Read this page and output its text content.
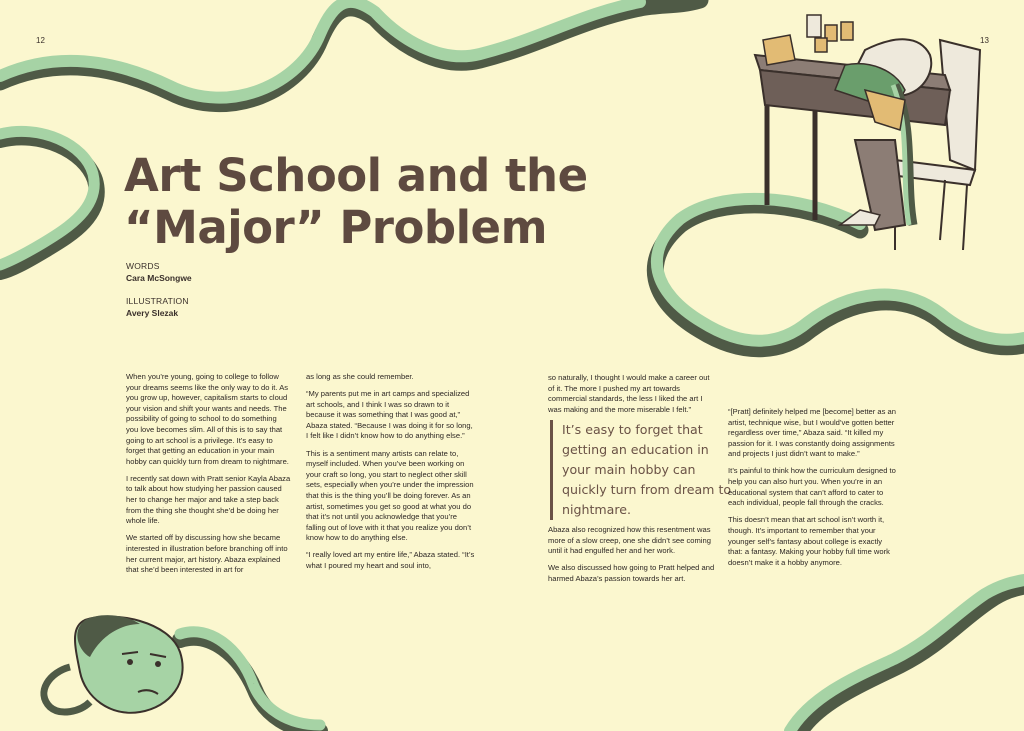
12	13
Art School and the
“Major” Problem
WORDS
Cara McSongwe
ILLUSTRATION
Avery Slezak

When you’re young, going to college to follow your dreams seems like the only way to do it. As you grow up, however, capitalism starts to cloud your vision and shift your wants and needs. The possibility of going to school to do something you love becomes slim. All of this is to say that going to art school is a privilege. It’s easy to forget that getting an education in your main hobby can quickly turn from dream to nightmare.

I recently sat down with Pratt senior Kayla Abaza to talk about how studying her passion caused her to change her major and take a step back from the thing she thought she’d be doing her whole life.

We started off by discussing how she became interested in illustration before branching off into her current major, art history. Abaza explained that she’d been interested in art for

as long as she could remember.

“My parents put me in art camps and specialized art schools, and I think I was so drawn to it because it was something that I was good at,” Abaza stated. “Because I was doing it for so long, I felt like I didn’t know how to do anything else.”

This is a sentiment many artists can relate to, myself included. When you’ve been working on your craft so long, you start to neglect other skill sets, especially when you’re under the impression that this is the thing you’ll be doing forever. As an artist, sometimes you get so good at what you do that it’s not until you acknowledge that you’re falling out of love with it that you realize you don’t know how to do anything else.

“I really loved art my entire life,” Abaza stated. “It’s what I poured my heart and soul into,

so naturally, I thought I would make a career out of it. The more I pushed my art towards commercial standards, the less I liked the art I was making and the more miserable I felt.”

It’s easy to forget that getting an education in your main hobby can quickly turn from dream to nightmare.

Abaza also recognized how this resentment was more of a slow creep, one she didn’t see coming until it had engulfed her and her work.

We also discussed how going to Pratt helped and harmed Abaza’s passion towards her art.

“[Pratt] definitely helped me [become] better as an artist, technique wise, but I would’ve gotten better regardless over time,” Abaza said. “It killed my passion for it. I was constantly doing assignments and projects I just didn’t want to make.”

It’s painful to think how the curriculum designed to help you can also hurt you. When you’re in an educational system that can’t afford to cater to each individual, people fall through the cracks.

This doesn’t mean that art school isn’t worth it, though. It’s important to remember that your younger self’s fantasy about college is exactly that: a fantasy. Making your hobby full time work doesn’t make it a hobby anymore.
